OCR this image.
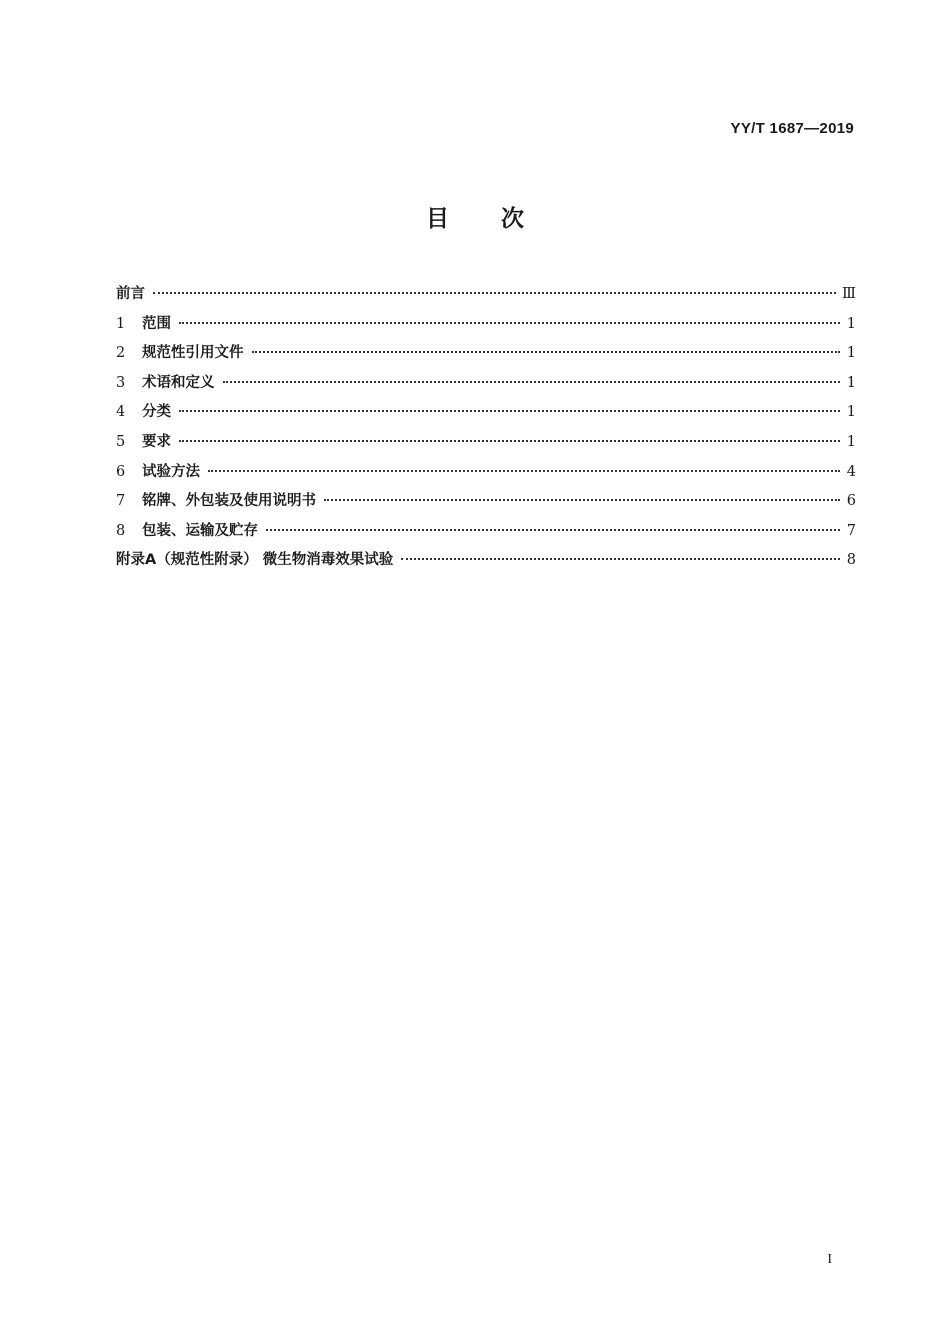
YY/T 1687—2019
目次
前言	Ⅲ
1	范围	1
2	规范性引用文件	1
3	术语和定义	1
4	分类	1
5	要求	1
6	试验方法	4
7	铭牌、外包装及使用说明书	6
8	包装、运输及贮存	7
附录A（规范性附录） 微生物消毒效果试验	8
I
